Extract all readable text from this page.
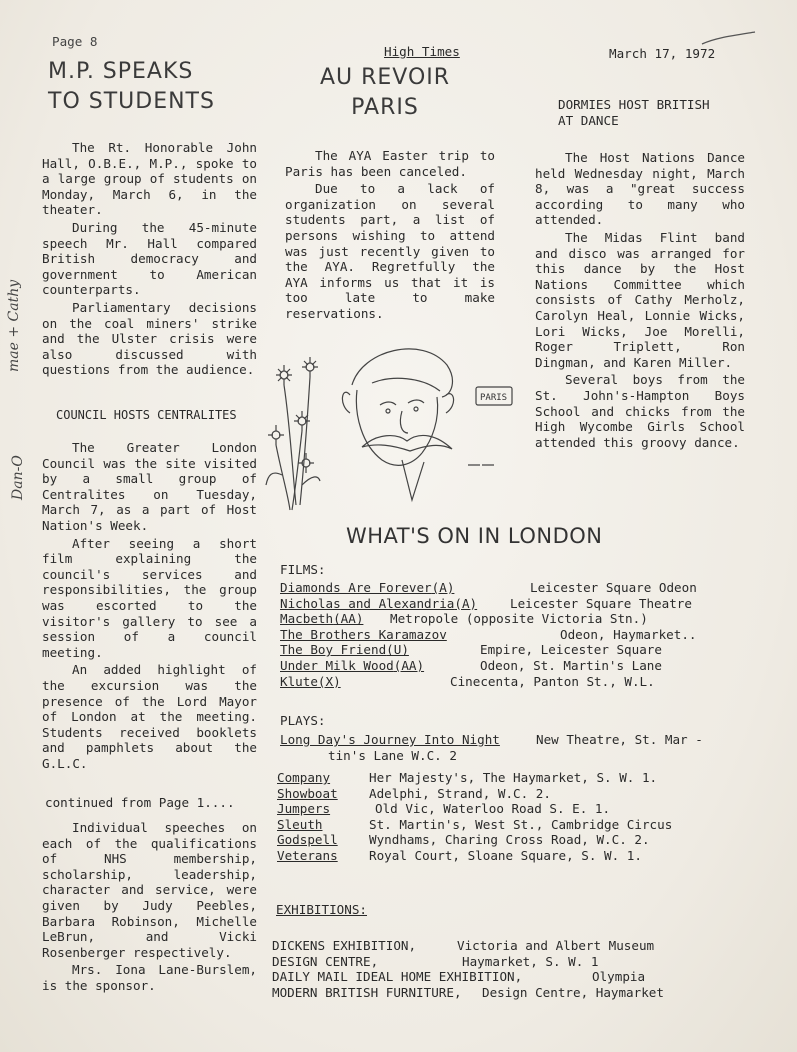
Page 8
High Times	March 17, 1972
mae + Cathy
Dan-O
M.P. SPEAKS
TO STUDENTS

The Rt. Honorable John Hall, O.B.E., M.P., spoke to a large group of students on Monday, March 6, in the theater.

During the 45-minute speech Mr. Hall compared British democracy and government to American counterparts.

Parliamentary decisions on the coal miners' strike and the Ulster crisis were also discussed with questions from the audience.

COUNCIL HOSTS CENTRALITES

The Greater London Council was the site visited by a small group of Centralites on Tuesday, March 7, as a part of Host Nation's Week.

After seeing a short film explaining the council's services and responsibilities, the group was escorted to the visitor's gallery to see a session of a council meeting.

An added highlight of the excursion was the presence of the Lord Mayor of London at the meeting. Students received booklets and pamphlets about the G.L.C.

continued from Page 1....

Individual speeches on each of the qualifications of NHS membership, scholarship, leadership, character and service, were given by Judy Peebles, Barbara Robinson, Michelle LeBrun, and Vicki Rosenberger respectively.

Mrs. Iona Lane-Burslem, is the sponsor.

AU REVOIR
PARIS

The AYA Easter trip to Paris has been canceled.

Due to a lack of organization on several students part, a list of persons wishing to attend was just recently given to the AYA. Regretfully the AYA informs us that it is too late to make reservations.

PARIS
DORMIES HOST BRITISH
AT DANCE

The Host Nations Dance held Wednesday night, March 8, was a "great success according to many who attended.

The Midas Flint band and disco was arranged for this dance by the Host Nations Committee which consists of Cathy Merholz, Carolyn Heal, Lonnie Wicks, Lori Wicks, Joe Morelli, Roger Triplett, Ron Dingman, and Karen Miller.

Several boys from the St. John's-Hampton Boys School and chicks from the High Wycombe Girls School attended this groovy dance.

WHAT'S ON IN LONDON
FILMS:
Diamonds Are Forever(A)	Leicester Square Odeon
Nicholas and Alexandria(A)	Leicester Square Theatre
Macbeth(AA) Metropole (opposite Victoria Stn.)
The Brothers Karamazov	Odeon, Haymarket..
The Boy Friend(U)	Empire, Leicester Square
Under Milk Wood(AA)	Odeon, St. Martin's Lane
Klute(X)	Cinecenta, Panton St., W.L.
PLAYS:
Long Day's Journey Into Night	New Theatre, St. Mar -
tin's Lane W.C. 2
Company	Her Majesty's, The Haymarket, S. W. 1.
Showboat Adelphi, Strand, W.C. 2.
Jumpers	Old Vic, Waterloo Road S. E. 1.
Sleuth	St. Martin's, West St., Cambridge Circus
Godspell Wyndhams, Charing Cross Road, W.C. 2.
Veterans Royal Court, Sloane Square, S. W. 1.
EXHIBITIONS:
DICKENS EXHIBITION,	Victoria and Albert Museum
DESIGN CENTRE,	Haymarket, S. W. 1
DAILY MAIL IDEAL HOME EXHIBITION,	Olympia
MODERN BRITISH FURNITURE, Design Centre, Haymarket
